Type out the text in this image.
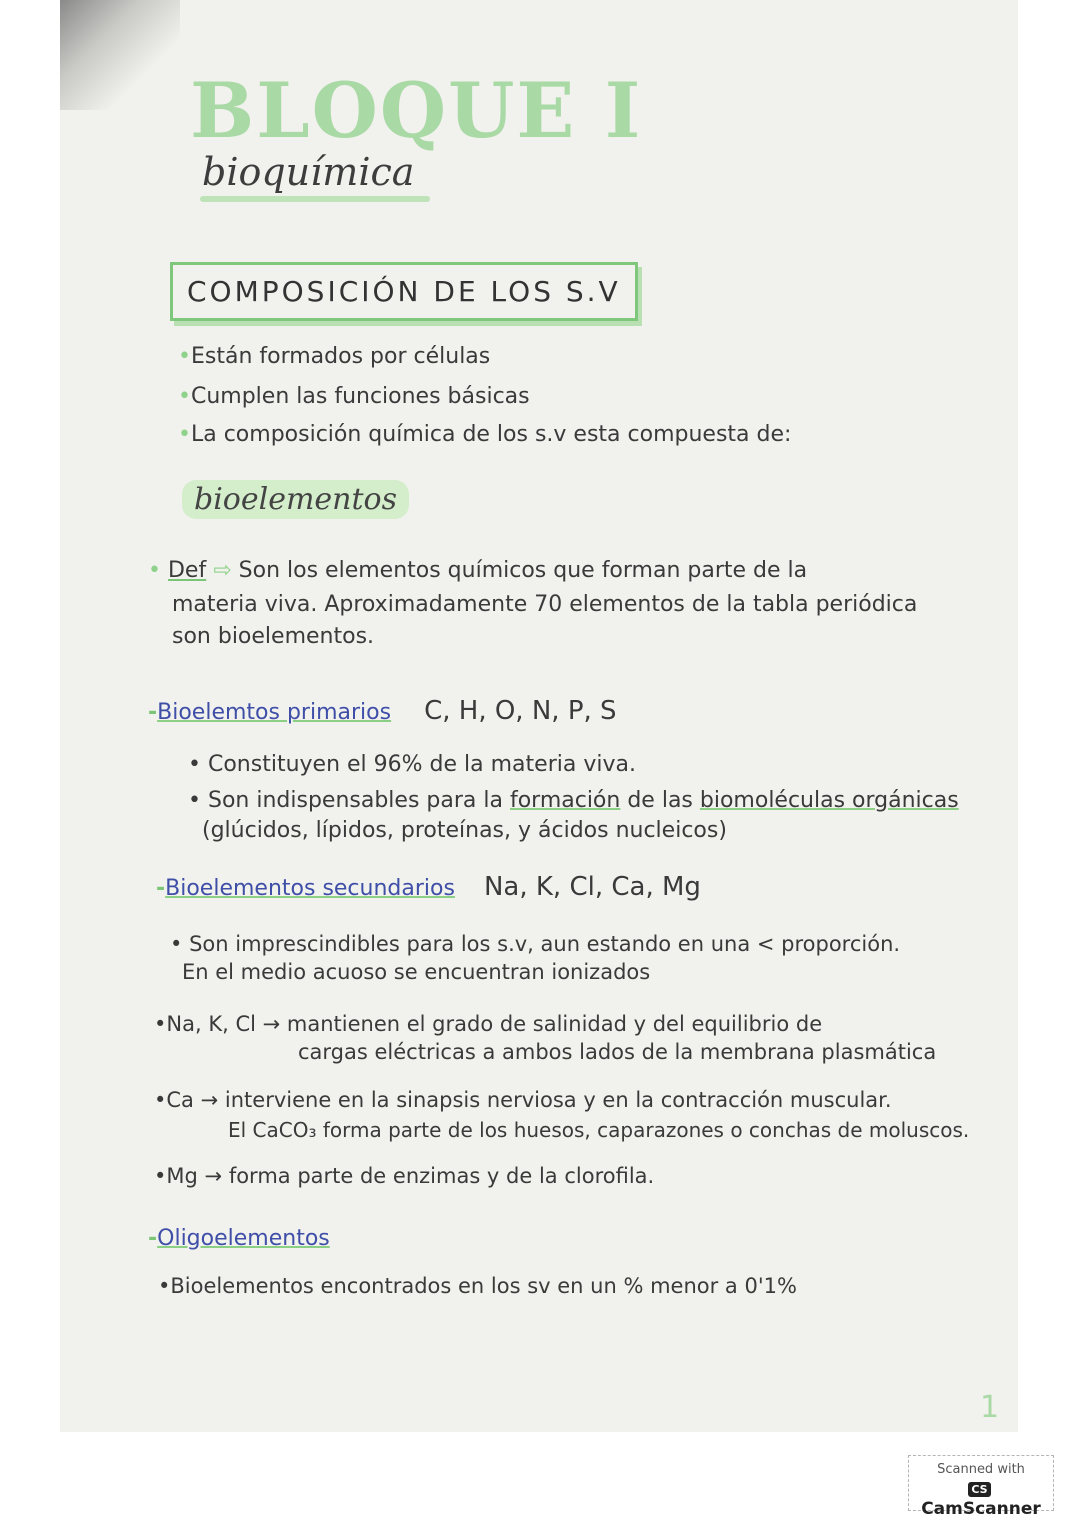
BLOQUE I
bioquímica
COMPOSICIÓN DE LOS S.V
•Están formados por células
•Cumplen las funciones básicas
•La composición química de los s.v esta compuesta de:
bioelementos
• Def ⇨ Son los elementos químicos que forman parte de la
materia viva. Aproximadamente 70 elementos de la tabla periódica
son bioelementos.
-Bioelemtos primarios C, H, O, N, P, S
• Constituyen el 96% de la materia viva.
• Son indispensables para la formación de las biomoléculas orgánicas
(glúcidos, lípidos, proteínas, y ácidos nucleicos)
-Bioelementos secundarios Na, K, Cl, Ca, Mg
• Son imprescindibles para los s.v, aun estando en una < proporción.
En el medio acuoso se encuentran ionizados
•Na, K, Cl → mantienen el grado de salinidad y del equilibrio de
cargas eléctricas a ambos lados de la membrana plasmática
•Ca → interviene en la sinapsis nerviosa y en la contracción muscular.
El CaCO₃ forma parte de los huesos, caparazones o conchas de moluscos.
•Mg → forma parte de enzimas y de la clorofila.
-Oligoelementos
•Bioelementos encontrados en los sv en un % menor a 0'1%
1
Scanned with
CSCamScanner
